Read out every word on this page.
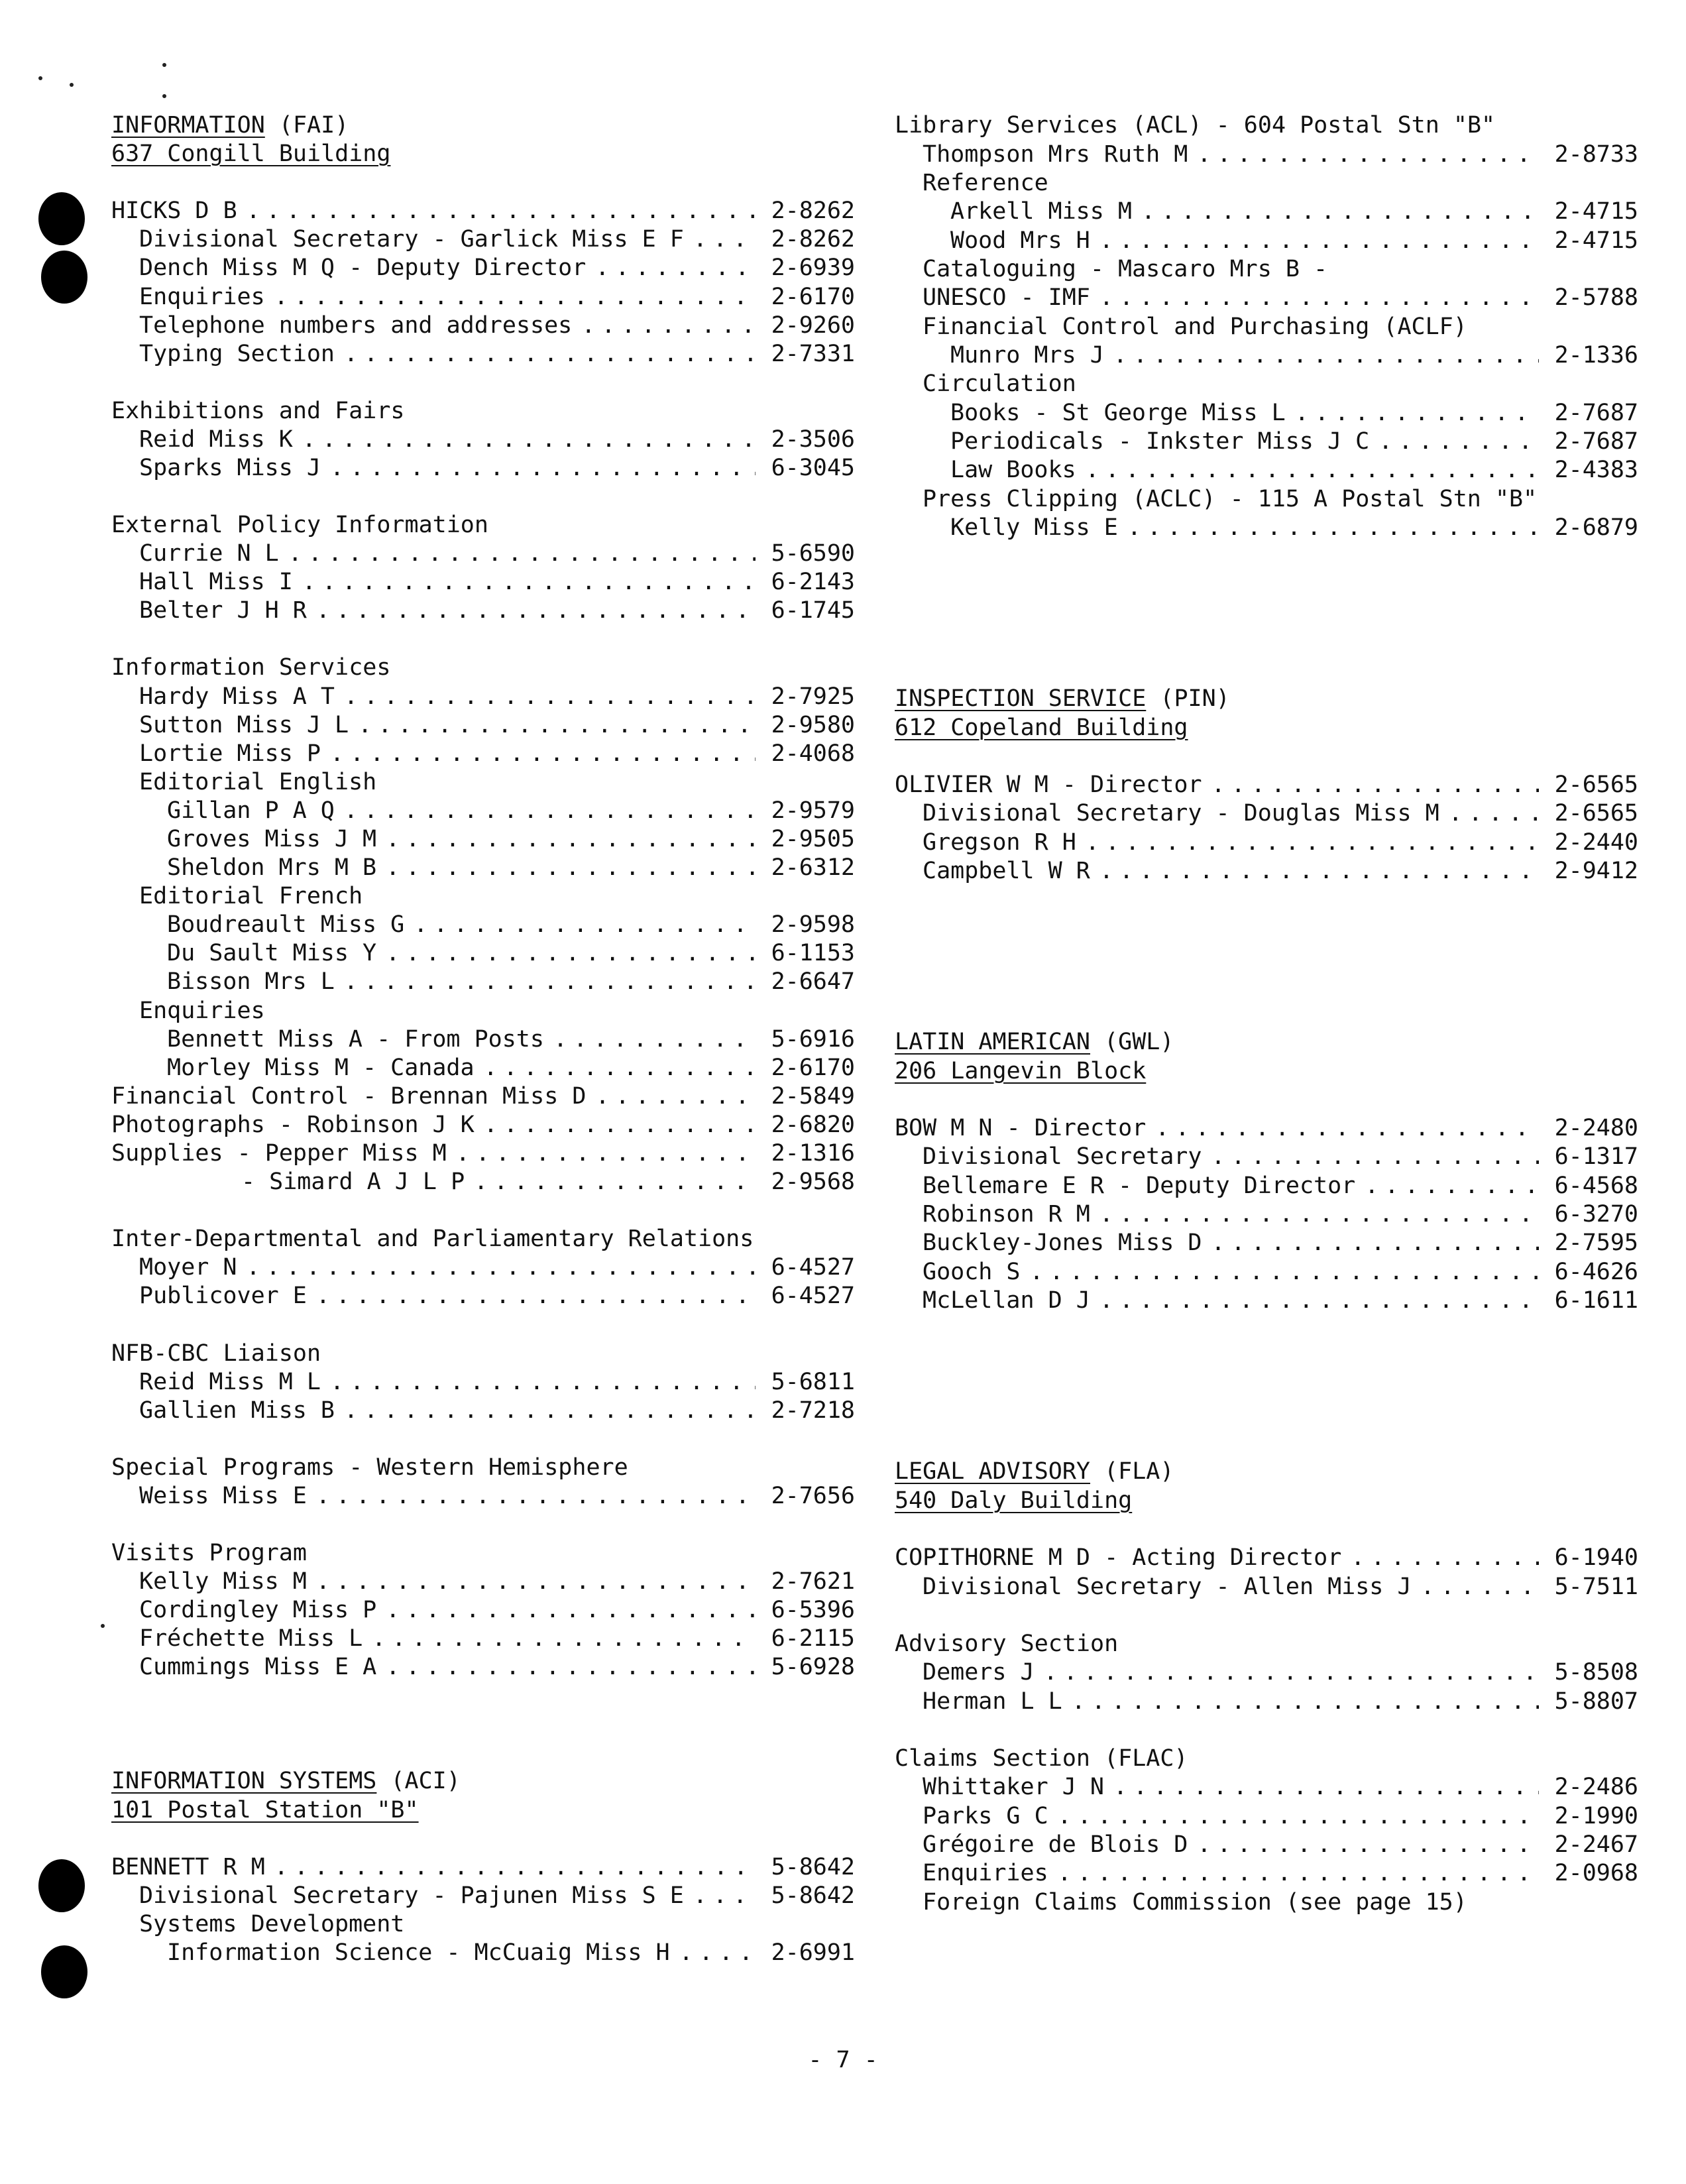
INFORMATION (FAI)
637 Congill Building
HICKS D B . . .	2-8262
Divisional Secretary - Garlick Miss E F . . .	2-8262
Dench Miss M Q - Deputy Director . . .	2-6939
Enquiries . . .	2-6170
Telephone numbers and addresses . . .	2-9260
Typing Section . . .	2-7331
Exhibitions and Fairs
Reid Miss K . . .	2-3506
Sparks Miss J . . .	6-3045
External Policy Information
Currie N L . . .	5-6590
Hall Miss I . . .	6-2143
Belter J H R . . .	6-1745
Information Services
Hardy Miss A T . . .	2-7925
Sutton Miss J L . . .	2-9580
Lortie Miss P . . .	2-4068
Editorial English
Gillan P A Q . . .	2-9579
Groves Miss J M . . .	2-9505
Sheldon Mrs M B . . .	2-6312
Editorial French
Boudreault Miss G . . .	2-9598
Du Sault Miss Y . . .	6-1153
Bisson Mrs L . . .	2-6647
Enquiries
Bennett Miss A - From Posts . . .	5-6916
Morley Miss M - Canada . . .	2-6170
Financial Control - Brennan Miss D . . .	2-5849
Photographs - Robinson J K . . .	2-6820
Supplies - Pepper Miss M . . .	2-1316
- Simard A J L P . . .	2-9568
Inter-Departmental and Parliamentary Relations
Moyer N . . .	6-4527
Publicover E . . .	6-4527
NFB-CBC Liaison
Reid Miss M L . . .	5-6811
Gallien Miss B . . .	2-7218
Special Programs - Western Hemisphere
Weiss Miss E . . .	2-7656
Visits Program
Kelly Miss M . . .	2-7621
Cordingley Miss P . . .	6-5396
Fréchette Miss L . . .	6-2115
Cummings Miss E A . . .	5-6928
INFORMATION SYSTEMS (ACI)
101 Postal Station "B"
BENNETT R M . . .	5-8642
Divisional Secretary - Pajunen Miss S E . . .	5-8642
Systems Development
Information Science - McCuaig Miss H . . .	2-6991
Library Services (ACL) - 604 Postal Stn "B"
Thompson Mrs Ruth M . . .	2-8733
Reference
Arkell Miss M . . .	2-4715
Wood Mrs H . . .	2-4715
Cataloguing - Mascaro Mrs B -
UNESCO - IMF . . .	2-5788
Financial Control and Purchasing (ACLF)
Munro Mrs J . . .	2-1336
Circulation
Books - St George Miss L . . .	2-7687
Periodicals - Inkster Miss J C . . .	2-7687
Law Books . . .	2-4383
Press Clipping (ACLC) - 115 A Postal Stn "B"
Kelly Miss E . . .	2-6879
INSPECTION SERVICE (PIN)
612 Copeland Building
OLIVIER W M - Director . . .	2-6565
Divisional Secretary - Douglas Miss M . . .	2-6565
Gregson R H . . .	2-2440
Campbell W R . . .	2-9412
LATIN AMERICAN (GWL)
206 Langevin Block
BOW M N - Director . . .	2-2480
Divisional Secretary . . .	6-1317
Bellemare E R - Deputy Director . . .	6-4568
Robinson R M . . .	6-3270
Buckley-Jones Miss D . . .	2-7595
Gooch S . . .	6-4626
McLellan D J . . .	6-1611
LEGAL ADVISORY (FLA)
540 Daly Building
COPITHORNE M D - Acting Director . . .	6-1940
Divisional Secretary - Allen Miss J . . .	5-7511
Advisory Section
Demers J . . .	5-8508
Herman L L . . .	5-8807
Claims Section (FLAC)
Whittaker J N . . .	2-2486
Parks G C . . .	2-1990
Grégoire de Blois D . . .	2-2467
Enquiries . . .	2-0968
Foreign Claims Commission (see page 15)
- 7 -
